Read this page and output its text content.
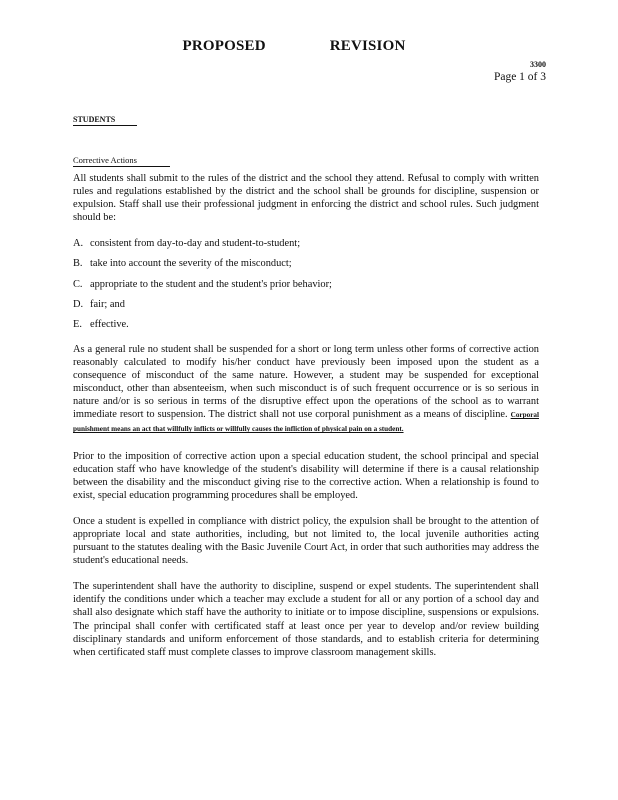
PROPOSED REVISION
3300
Page 1 of 3
STUDENTS
Corrective Actions

All students shall submit to the rules of the district and the school they attend. Refusal to comply with written rules and regulations established by the district and the school shall be grounds for discipline, suspension or expulsion. Staff shall use their professional judgment in enforcing the district and school rules. Such judgment should be:

A. consistent from day-to-day and student-to-student;
B. take into account the severity of the misconduct;
C. appropriate to the student and the student's prior behavior;
D. fair; and
E. effective.

As a general rule no student shall be suspended for a short or long term unless other forms of corrective action reasonably calculated to modify his/her conduct have previously been imposed upon the student as a consequence of misconduct of the same nature. However, a student may be suspended for exceptional misconduct, other than absenteeism, when such misconduct is of such frequent occurrence or is so serious in nature and/or is so serious in terms of the disruptive effect upon the operations of the school as to warrant immediate resort to suspension. The district shall not use corporal punishment as a means of discipline. Corporal punishment means an act that willfully inflicts or willfully causes the infliction of physical pain on a student.

Prior to the imposition of corrective action upon a special education student, the school principal and special education staff who have knowledge of the student's disability will determine if there is a causal relationship between the disability and the misconduct giving rise to the corrective action. When a relationship is found to exist, special education programming procedures shall be employed.

Once a student is expelled in compliance with district policy, the expulsion shall be brought to the attention of appropriate local and state authorities, including, but not limited to, the local juvenile authorities acting pursuant to the statutes dealing with the Basic Juvenile Court Act, in order that such authorities may address the student's educational needs.

The superintendent shall have the authority to discipline, suspend or expel students. The superintendent shall identify the conditions under which a teacher may exclude a student for all or any portion of a school day and shall also designate which staff have the authority to initiate or to impose discipline, suspensions or expulsions. The principal shall confer with certificated staff at least once per year to develop and/or review building disciplinary standards and uniform enforcement of those standards, and to establish criteria for determining when certificated staff must complete classes to improve classroom management skills.
